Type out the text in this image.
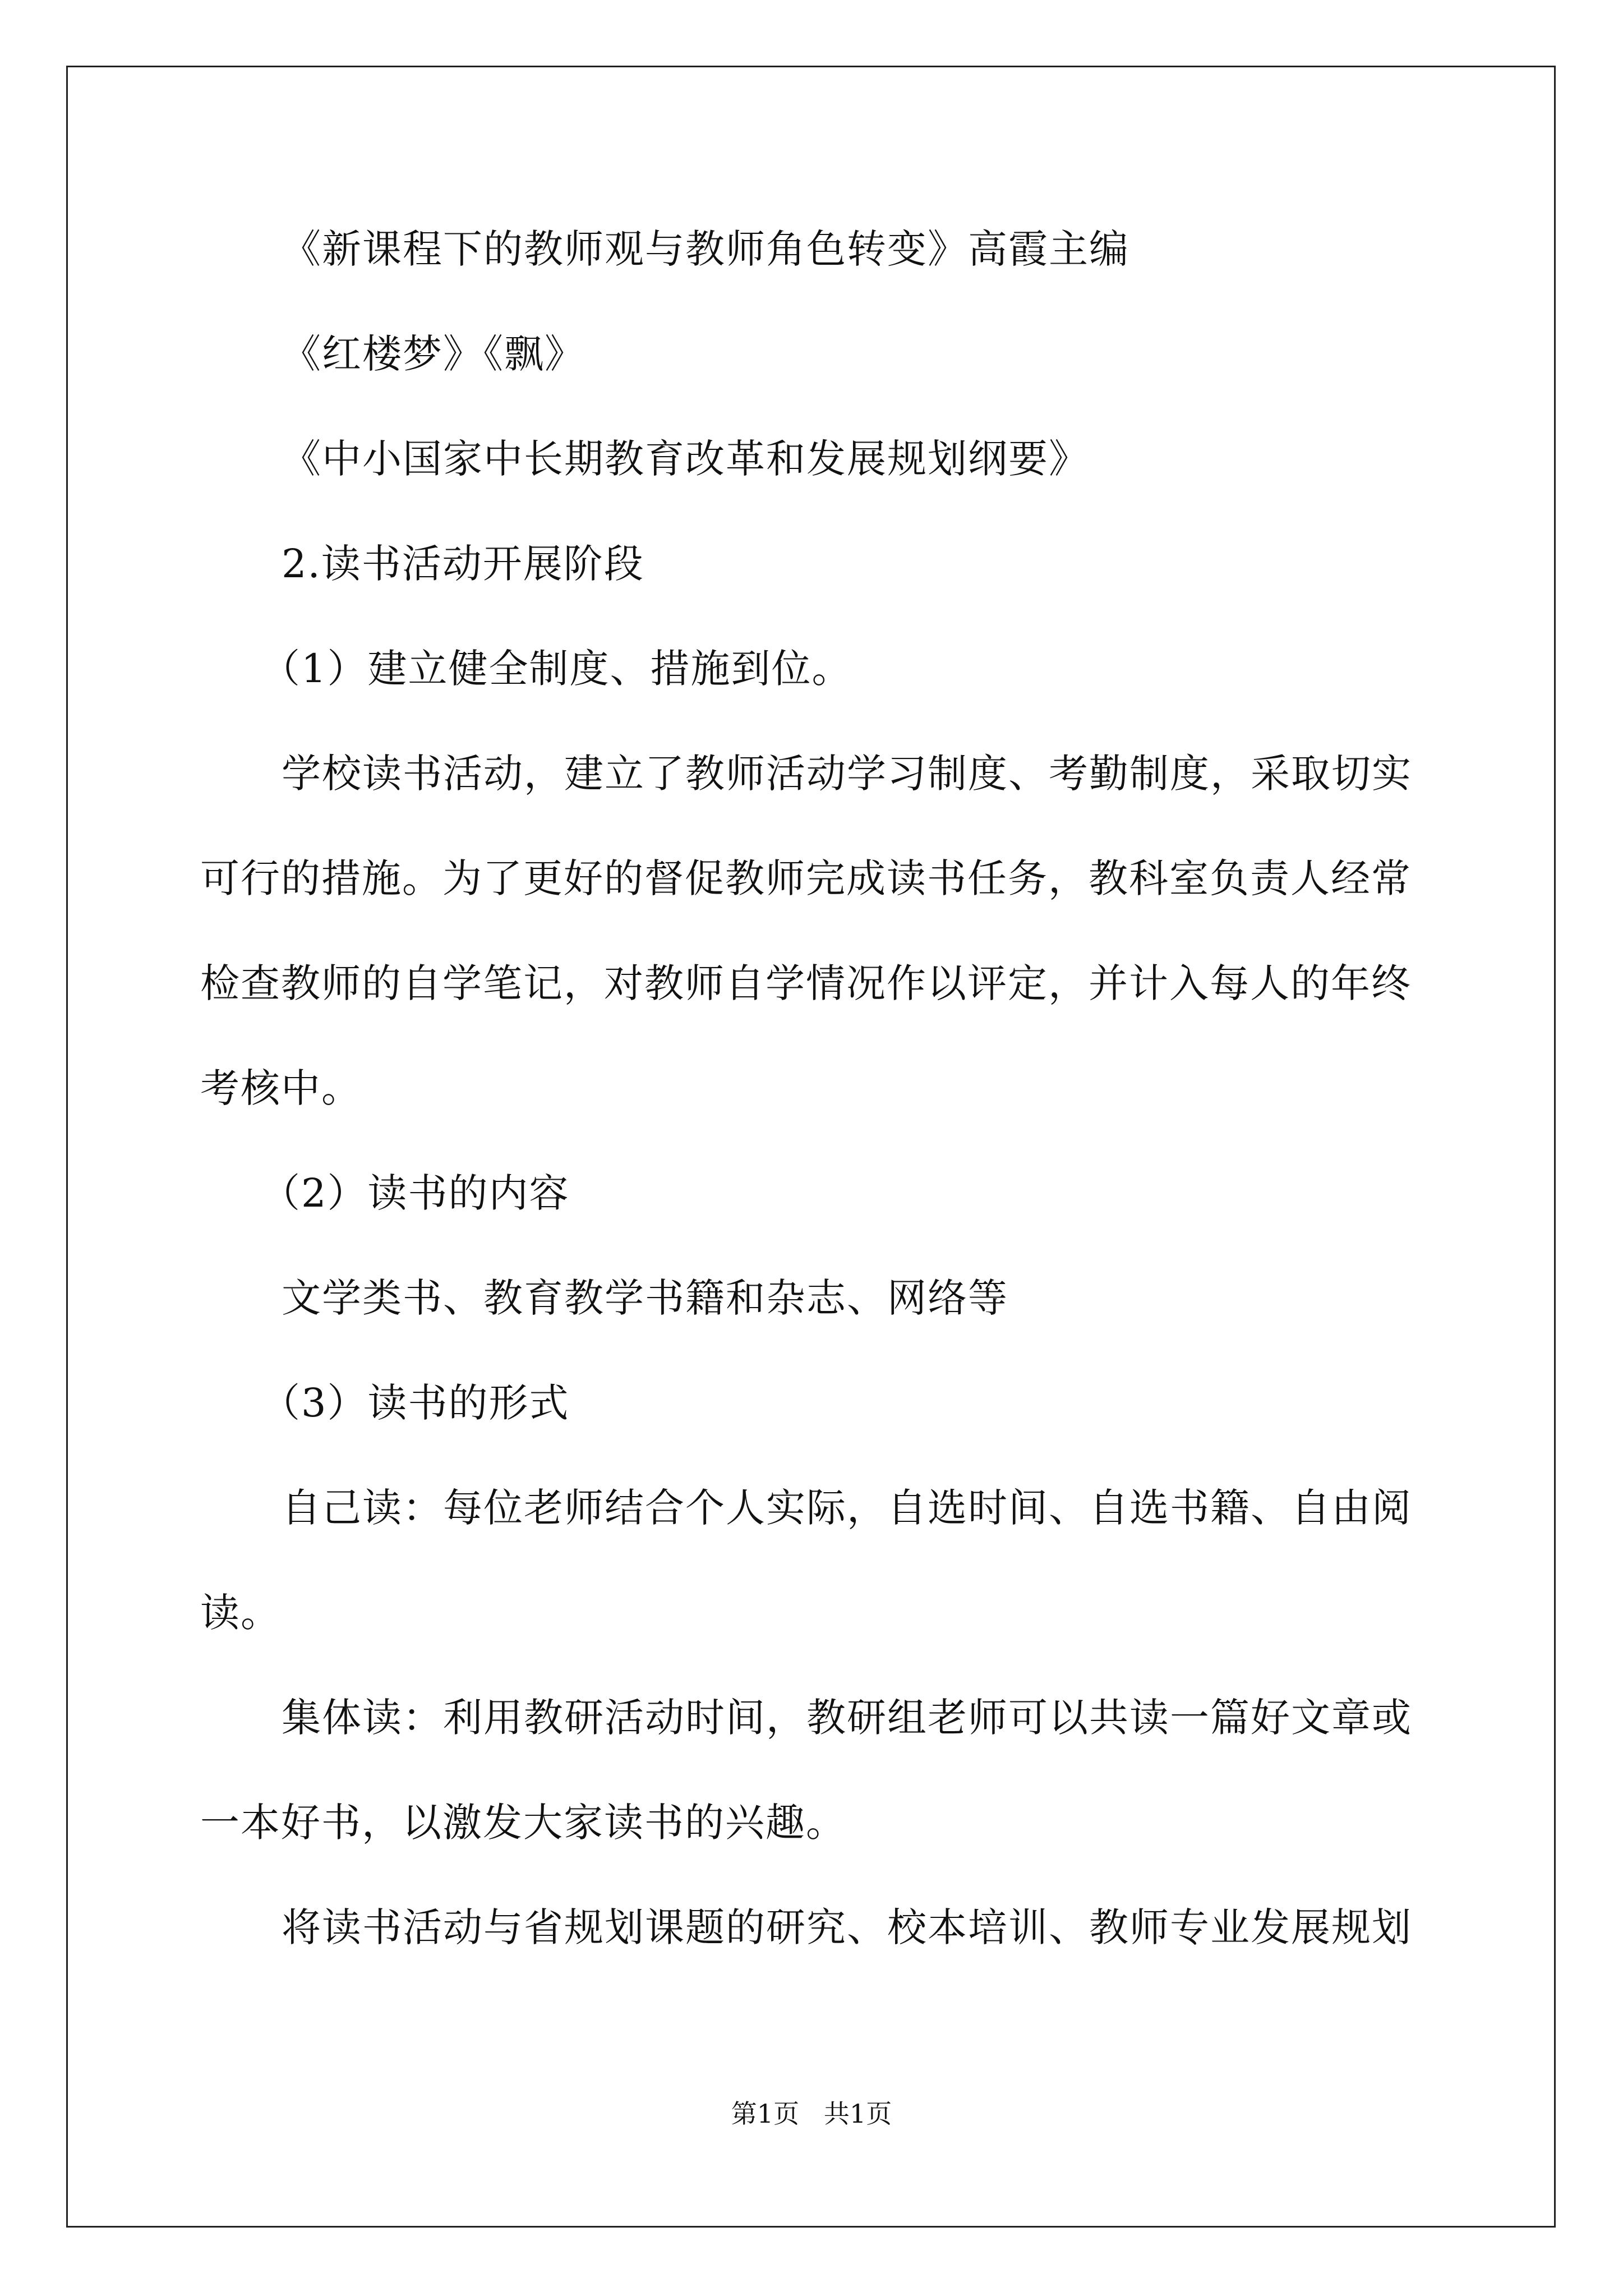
《新课程下的教师观与教师角色转变》高霞主编
《红楼梦》《飘》
《中小国家中长期教育改革和发展规划纲要》
2.读书活动开展阶段
（1）建立健全制度、措施到位。
学校读书活动，建立了教师活动学习制度、考勤制度，采取切实
可行的措施。为了更好的督促教师完成读书任务，教科室负责人经常
检查教师的自学笔记，对教师自学情况作以评定，并计入每人的年终
考核中。
（2）读书的内容
文学类书、教育教学书籍和杂志、网络等
（3）读书的形式
自己读：每位老师结合个人实际，自选时间、自选书籍、自由阅
读。
集体读：利用教研活动时间，教研组老师可以共读一篇好文章或
一本好书，以激发大家读书的兴趣。
将读书活动与省规划课题的研究、校本培训、教师专业发展规划
第1页   共1页
